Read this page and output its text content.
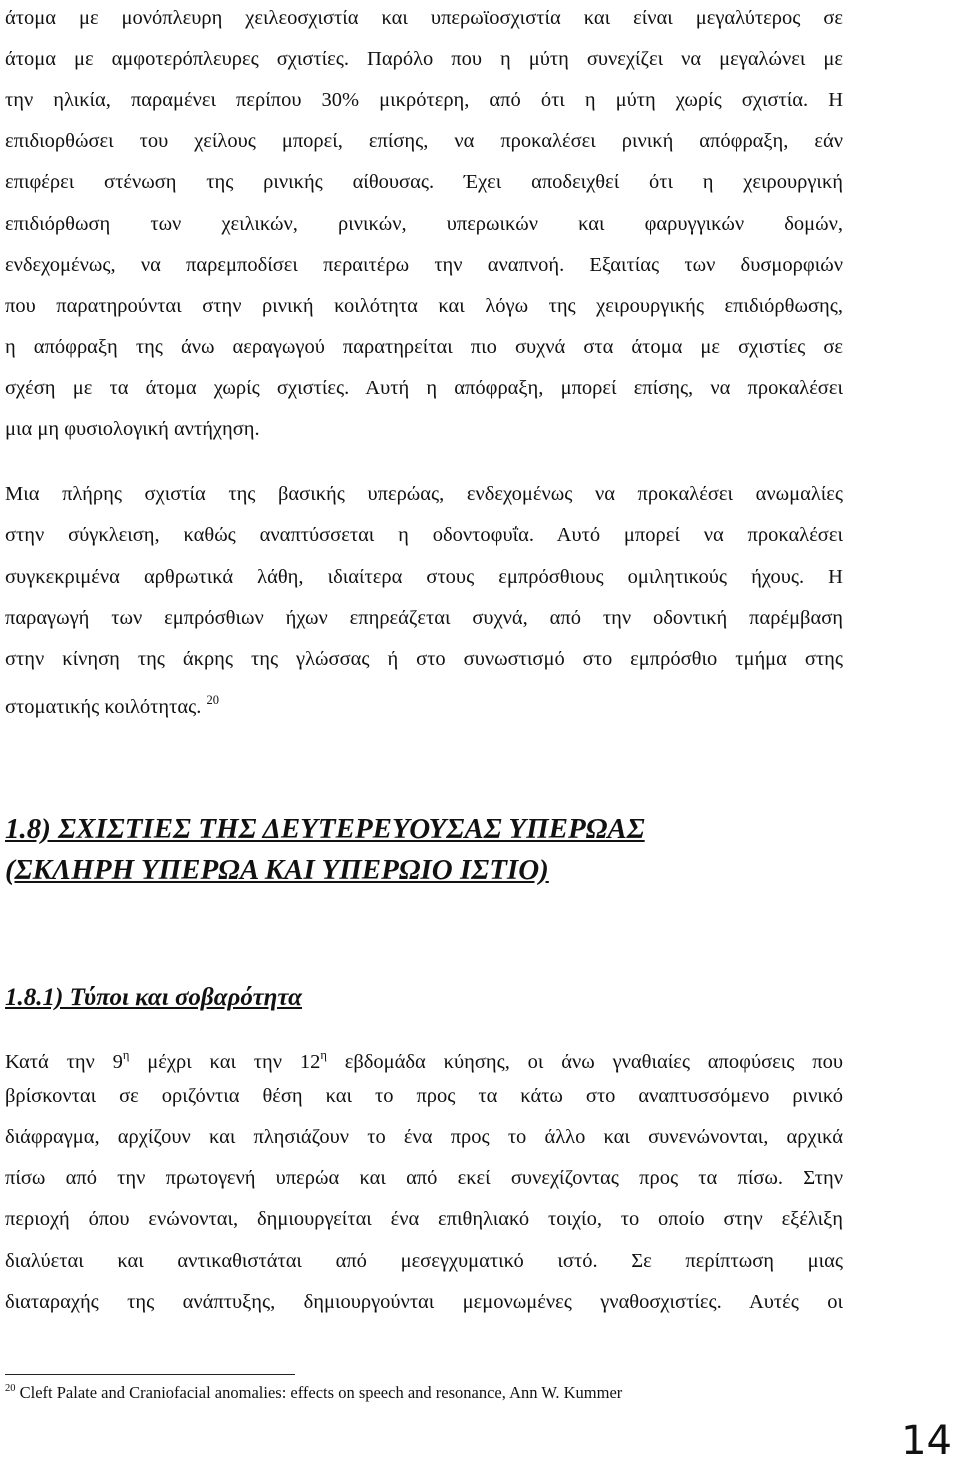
άτομα με μονόπλευρη χειλεοσχιστία και υπερωϊοσχιστία και είναι μεγαλύτερος σε
άτομα με αμφοτερόπλευρες σχιστίες. Παρόλο που η μύτη συνεχίζει να μεγαλώνει με
την ηλικία, παραμένει περίπου 30% μικρότερη, από ότι η μύτη χωρίς σχιστία. Η
επιδιορθώσει του χείλους μπορεί, επίσης, να προκαλέσει ρινική απόφραξη, εάν
επιφέρει στένωση της ρινικής αίθουσας. Έχει αποδειχθεί ότι η χειρουργική
επιδιόρθωση των χειλικών, ρινικών, υπερωικών και φαρυγγικών δομών,
ενδεχομένως, να παρεμποδίσει περαιτέρω την αναπνοή. Εξαιτίας των δυσμορφιών
που παρατηρούνται στην ρινική κοιλότητα και λόγω της χειρουργικής επιδιόρθωσης,
η απόφραξη της άνω αεραγωγού παρατηρείται πιο συχνά στα άτομα με σχιστίες σε
σχέση με τα άτομα χωρίς σχιστίες. Αυτή η απόφραξη, μπορεί επίσης, να προκαλέσει
μια μη φυσιολογική αντήχηση.
Μια πλήρης σχιστία της βασικής υπερώας, ενδεχομένως να προκαλέσει ανωμαλίες
στην σύγκλειση, καθώς αναπτύσσεται η οδοντοφυΐα. Αυτό μπορεί να προκαλέσει
συγκεκριμένα αρθρωτικά λάθη, ιδιαίτερα στους εμπρόσθιους ομιλητικούς ήχους. Η
παραγωγή των εμπρόσθιων ήχων επηρεάζεται συχνά, από την οδοντική παρέμβαση
στην κίνηση της άκρης της γλώσσας ή στο συνωστισμό στο εμπρόσθιο τμήμα στης
στοματικής κοιλότητας. $^{20}$
1.8) ΣΧΙΣΤΙΕΣ ΤΗΣ ΔΕΥΤΕΡΕΥΟΥΣΑΣ ΥΠΕΡΩΑΣ
(ΣΚΛΗΡΗ ΥΠΕΡΩΑ ΚΑΙ ΥΠΕΡΩΙΟ ΙΣΤΙΟ)
1.8.1) Τύποι και σοβαρότητα
Κατά την $9^\eta$ μέχρι και την $12^\eta$ εβδομάδα κύησης, οι άνω γναθιαίες αποφύσεις που
βρίσκονται σε οριζόντια θέση και το προς τα κάτω στο αναπτυσσόμενο ρινικό
διάφραγμα, αρχίζουν και πλησιάζουν το ένα προς το άλλο και συνενώνονται, αρχικά
πίσω από την πρωτογενή υπερώα και από εκεί συνεχίζοντας προς τα πίσω. Στην
περιοχή όπου ενώνονται, δημιουργείται ένα επιθηλιακό τοιχίο, το οποίο στην εξέλιξη
διαλύεται και αντικαθιστάται από μεσεγχυματικό ιστό. Σε περίπτωση μιας
διαταραχής της ανάπτυξης, δημιουργούνται μεμονωμένες γναθοσχιστίες. Αυτές οι
$^{20}$ Cleft Palate and Craniofacial anomalies: effects on speech and resonance, Ann W. Kummer
14
